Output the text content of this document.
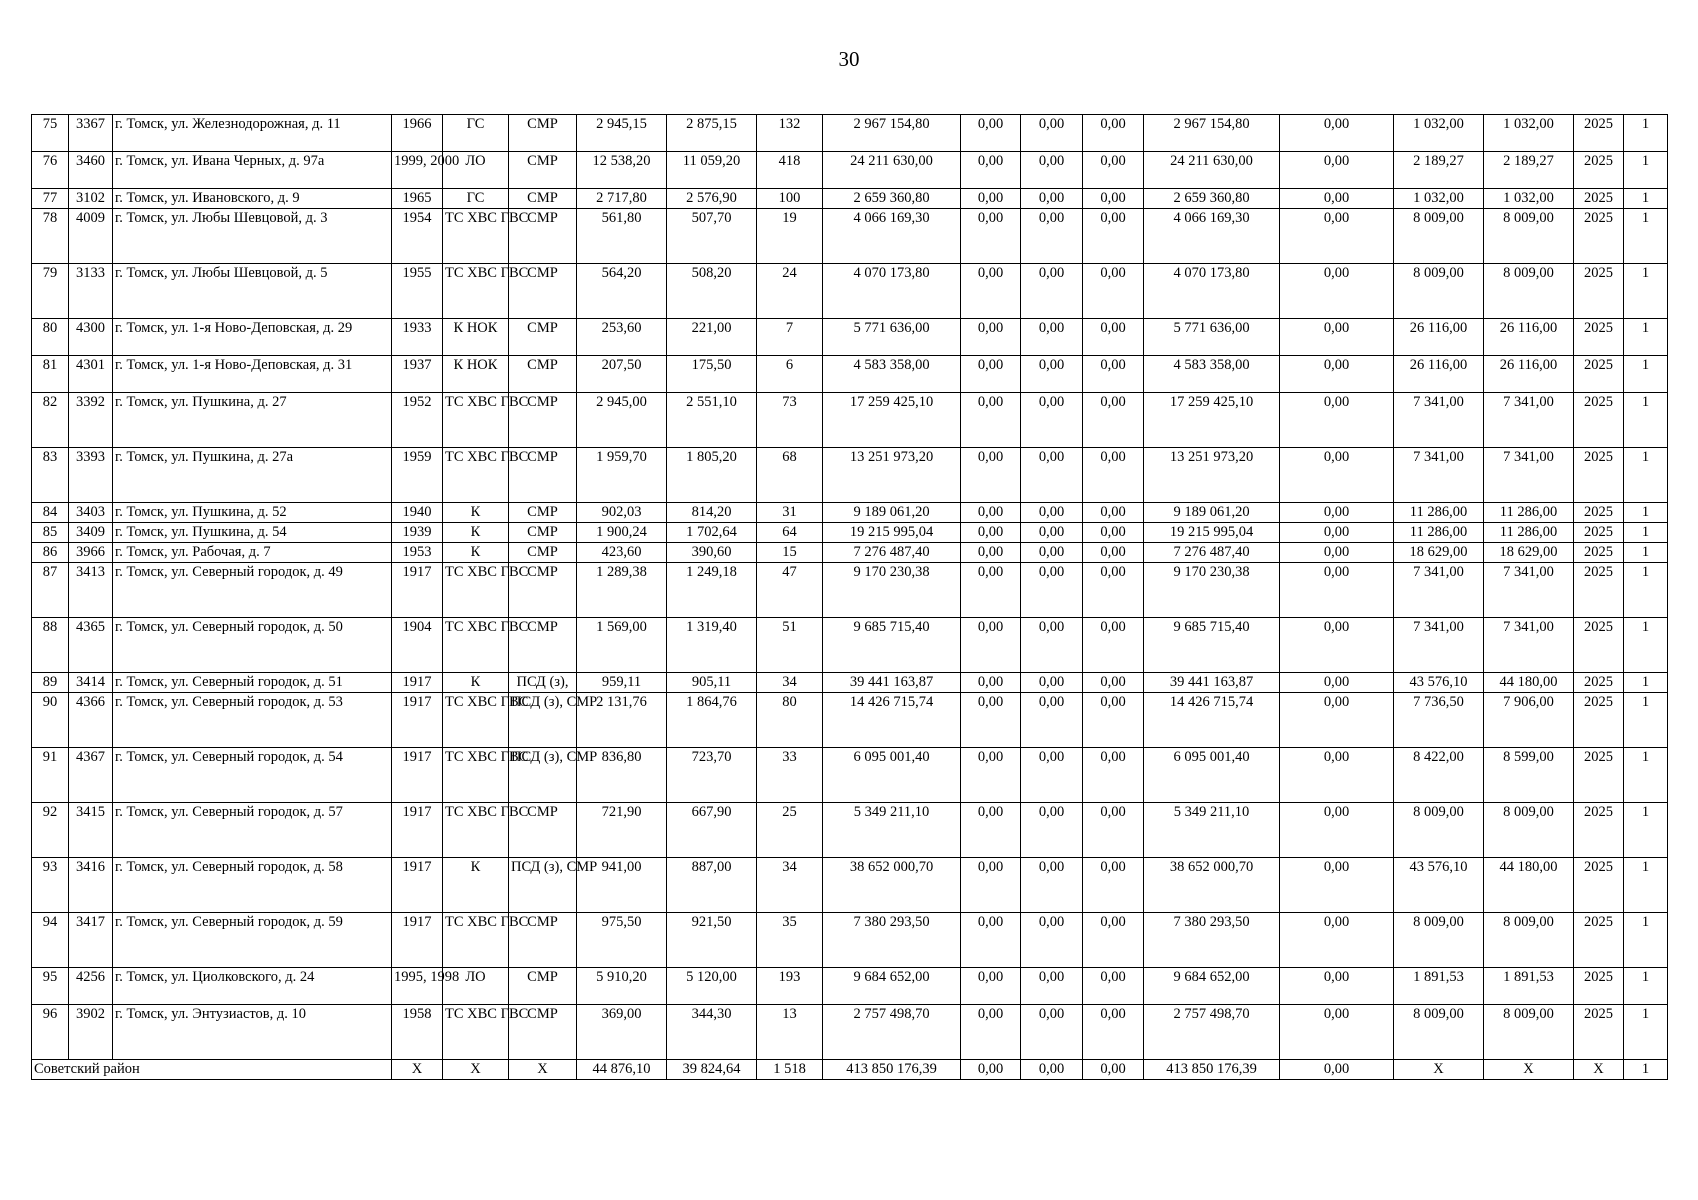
30
75	3367	г. Томск, ул. Железнодорожная, д. 11	1966	ГС	СМР	2 945,15	2 875,15	132	2 967 154,80	0,00	0,00	0,00	2 967 154,80	0,00	1 032,00	1 032,00	2025	1
76	3460	г. Томск, ул. Ивана Черных, д. 97а	1999, 2000	ЛО	СМР	12 538,20	11 059,20	418	24 211 630,00	0,00	0,00	0,00	24 211 630,00	0,00	2 189,27	2 189,27	2025	1
77	3102	г. Томск, ул. Ивановского, д. 9	1965	ГС	СМР	2 717,80	2 576,90	100	2 659 360,80	0,00	0,00	0,00	2 659 360,80	0,00	1 032,00	1 032,00	2025	1
78	4009	г. Томск, ул. Любы Шевцовой, д. 3	1954	ТС ХВС ГВС	СМР	561,80	507,70	19	4 066 169,30	0,00	0,00	0,00	4 066 169,30	0,00	8 009,00	8 009,00	2025	1
79	3133	г. Томск, ул. Любы Шевцовой, д. 5	1955	ТС ХВС ГВС	СМР	564,20	508,20	24	4 070 173,80	0,00	0,00	0,00	4 070 173,80	0,00	8 009,00	8 009,00	2025	1
80	4300	г. Томск, ул. 1-я Ново-Деповская, д. 29	1933	К НОК	СМР	253,60	221,00	7	5 771 636,00	0,00	0,00	0,00	5 771 636,00	0,00	26 116,00	26 116,00	2025	1
81	4301	г. Томск, ул. 1-я Ново-Деповская, д. 31	1937	К НОК	СМР	207,50	175,50	6	4 583 358,00	0,00	0,00	0,00	4 583 358,00	0,00	26 116,00	26 116,00	2025	1
82	3392	г. Томск, ул. Пушкина, д. 27	1952	ТС ХВС ГВС	СМР	2 945,00	2 551,10	73	17 259 425,10	0,00	0,00	0,00	17 259 425,10	0,00	7 341,00	7 341,00	2025	1
83	3393	г. Томск, ул. Пушкина, д. 27а	1959	ТС ХВС ГВС	СМР	1 959,70	1 805,20	68	13 251 973,20	0,00	0,00	0,00	13 251 973,20	0,00	7 341,00	7 341,00	2025	1
84	3403	г. Томск, ул. Пушкина, д. 52	1940	К	СМР	902,03	814,20	31	9 189 061,20	0,00	0,00	0,00	9 189 061,20	0,00	11 286,00	11 286,00	2025	1
85	3409	г. Томск, ул. Пушкина, д. 54	1939	К	СМР	1 900,24	1 702,64	64	19 215 995,04	0,00	0,00	0,00	19 215 995,04	0,00	11 286,00	11 286,00	2025	1
86	3966	г. Томск, ул. Рабочая, д. 7	1953	К	СМР	423,60	390,60	15	7 276 487,40	0,00	0,00	0,00	7 276 487,40	0,00	18 629,00	18 629,00	2025	1
87	3413	г. Томск, ул. Северный городок, д. 49	1917	ТС ХВС ГВС	СМР	1 289,38	1 249,18	47	9 170 230,38	0,00	0,00	0,00	9 170 230,38	0,00	7 341,00	7 341,00	2025	1
88	4365	г. Томск, ул. Северный городок, д. 50	1904	ТС ХВС ГВС	СМР	1 569,00	1 319,40	51	9 685 715,40	0,00	0,00	0,00	9 685 715,40	0,00	7 341,00	7 341,00	2025	1
89	3414	г. Томск, ул. Северный городок, д. 51	1917	К	ПСД (з),	959,11	905,11	34	39 441 163,87	0,00	0,00	0,00	39 441 163,87	0,00	43 576,10	44 180,00	2025	1
90	4366	г. Томск, ул. Северный городок, д. 53	1917	ТС ХВС ГВС	ПСД (з), СМР	2 131,76	1 864,76	80	14 426 715,74	0,00	0,00	0,00	14 426 715,74	0,00	7 736,50	7 906,00	2025	1
91	4367	г. Томск, ул. Северный городок, д. 54	1917	ТС ХВС ГВС	ПСД (з), СМР	836,80	723,70	33	6 095 001,40	0,00	0,00	0,00	6 095 001,40	0,00	8 422,00	8 599,00	2025	1
92	3415	г. Томск, ул. Северный городок, д. 57	1917	ТС ХВС ГВС	СМР	721,90	667,90	25	5 349 211,10	0,00	0,00	0,00	5 349 211,10	0,00	8 009,00	8 009,00	2025	1
93	3416	г. Томск, ул. Северный городок, д. 58	1917	К	ПСД (з), СМР	941,00	887,00	34	38 652 000,70	0,00	0,00	0,00	38 652 000,70	0,00	43 576,10	44 180,00	2025	1
94	3417	г. Томск, ул. Северный городок, д. 59	1917	ТС ХВС ГВС	СМР	975,50	921,50	35	7 380 293,50	0,00	0,00	0,00	7 380 293,50	0,00	8 009,00	8 009,00	2025	1
95	4256	г. Томск, ул. Циолковского, д. 24	1995, 1998	ЛО	СМР	5 910,20	5 120,00	193	9 684 652,00	0,00	0,00	0,00	9 684 652,00	0,00	1 891,53	1 891,53	2025	1
96	3902	г. Томск, ул. Энтузиастов, д. 10	1958	ТС ХВС ГВС	СМР	369,00	344,30	13	2 757 498,70	0,00	0,00	0,00	2 757 498,70	0,00	8 009,00	8 009,00	2025	1
Советский район			Х	Х	Х	44 876,10	39 824,64	1 518	413 850 176,39	0,00	0,00	0,00	413 850 176,39	0,00	Х	Х	Х	1
